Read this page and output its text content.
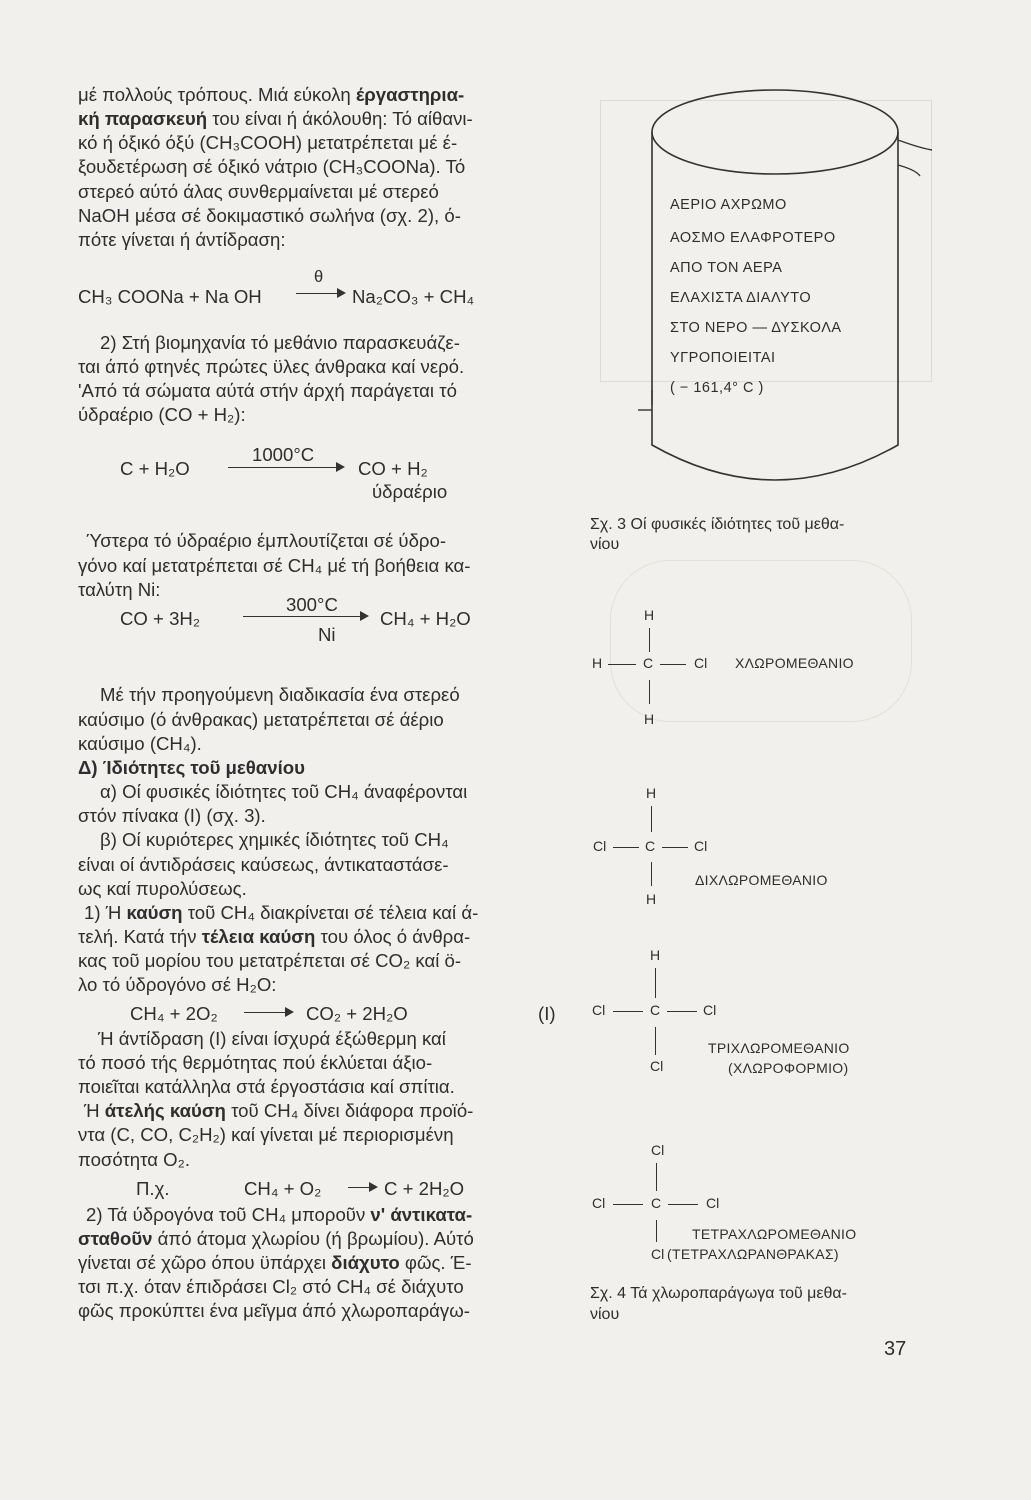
μέ πολλούς τρόπους. Μιά εύκολη έργαστηρια-
κή παρασκευή του είναι ή άκόλουθη: Τό αίθανι-
κό ή όξικό όξύ (CH₃COOH) μετατρέπεται μέ έ-
ξουδετέρωση σέ όξικό νάτριο (CH₃COONa). Τό
στερεό αύτό άλας συνθερμαίνεται μέ στερεό
NaOH μέσα σέ δοκιμαστικό σωλήνα (σχ. 2), ό-
πότε γίνεται ή άντίδραση:
CH₃ COONa + Na OH
θ
→ Na₂CO₃ + CH₄
2) Στή βιομηχανία τό μεθάνιο παρασκευάζε-
ται άπό φτηνές πρώτες ϋλες άνθρακα καί νερό.
'Από τά σώματα αύτά στήν άρχή παράγεται τό
ύδραέριο (CO + H₂):
C + H₂O
1000°C
CO + H₂
ύδραέριο
Ύστερα τό ύδραέριο έμπλουτίζεται σέ ύδρο-
γόνο καί μετατρέπεται σέ CH₄ μέ τή βοήθεια κα-
ταλύτη Ni:
CO + 3H₂
300°C
Ni
CH₄ + H₂O
Μέ τήν προηγούμενη διαδικασία ένα στερεό
καύσιμο (ό άνθρακας) μετατρέπεται σέ άέριο
καύσιμο (CH₄).
Δ) Ίδιότητες τοῦ μεθανίου
α) Οί φυσικές ίδιότητες τοῦ CH₄ άναφέρονται
στόν πίνακα (Ι) (σχ. 3).
β) Οί κυριότερες χημικές ίδιότητες τοῦ CH₄
είναι οί άντιδράσεις καύσεως, άντικαταστάσε-
ως καί πυρολύσεως.
1) Ή καύση τοῦ CH₄ διακρίνεται σέ τέλεια καί ά-
τελή. Κατά τήν τέλεια καύση του όλος ό άνθρα-
κας τοῦ μορίου του μετατρέπεται σέ CO₂ καί ö-
λο τό ύδρογόνο σέ H₂O:
CH₄ + 2O₂ → CO₂ + 2H₂O	(Ι)
Ή άντίδραση (Ι) είναι ίσχυρά έξώθερμη καί
τό ποσό τής θερμότητας πού έκλύεται άξιο-
ποιεῖται κατάλληλα στά έργοστάσια καί σπίτια.
Ή άτελής καύση τοῦ CH₄ δίνει διάφορα προϊό-
ντα (C, CO, C₂H₂) καί γίνεται μέ περιορισμένη
ποσότητα O₂.
Π.χ.	CH₄ + O₂ → C + 2H₂O
2) Τά ύδρογόνα τοῦ CH₄ μποροῦν ν' άντικατα-
σταθοῦν άπό άτομα χλωρίου (ή βρωμίου). Αύτό
γίνεται σέ χῶρο όπου ϋπάρχει διάχυτο φῶς. Έ-
τσι π.χ. όταν έπιδράσει Cl₂ στό CH₄ σέ διάχυτο
φῶς προκύπτει ένα μεῖγμα άπό χλωροπαράγω-
ΑΕΡΙΟ ΑΧΡΩΜΟ
ΑΟΣΜΟ ΕΛΑΦΡΟΤΕΡΟ
ΑΠΟ ΤΟΝ ΑΕΡΑ
ΕΛΑΧΙΣΤΑ ΔΙΑΛΥΤΟ
ΣΤΟ ΝΕΡΟ — ΔΥΣΚΟΛΑ
ΥΓΡΟΠΟΙΕΙΤΑΙ
( − 161,4° C )
Σχ. 3 Οί φυσικές ίδιότητες τοῦ μεθα-
νίου
H
H	C	Cl ΧΛΩΡΟΜΕΘΑΝΙΟ
H
H
Cl	C	Cl
ΔΙΧΛΩΡΟΜΕΘΑΝΙΟ
H
H
Cl	C	Cl
ΤΡΙΧΛΩΡΟΜΕΘΑΝΙΟ
Cl	(ΧΛΩΡΟΦΟΡΜΙΟ)
Cl
Cl	C	Cl
ΤΕΤΡΑΧΛΩΡΟΜΕΘΑΝΙΟ
Cl (ΤΕΤΡΑΧΛΩΡΑΝΘΡΑΚΑΣ)
Σχ. 4 Τά χλωροπαράγωγα τοῦ μεθα-
νίου
37
